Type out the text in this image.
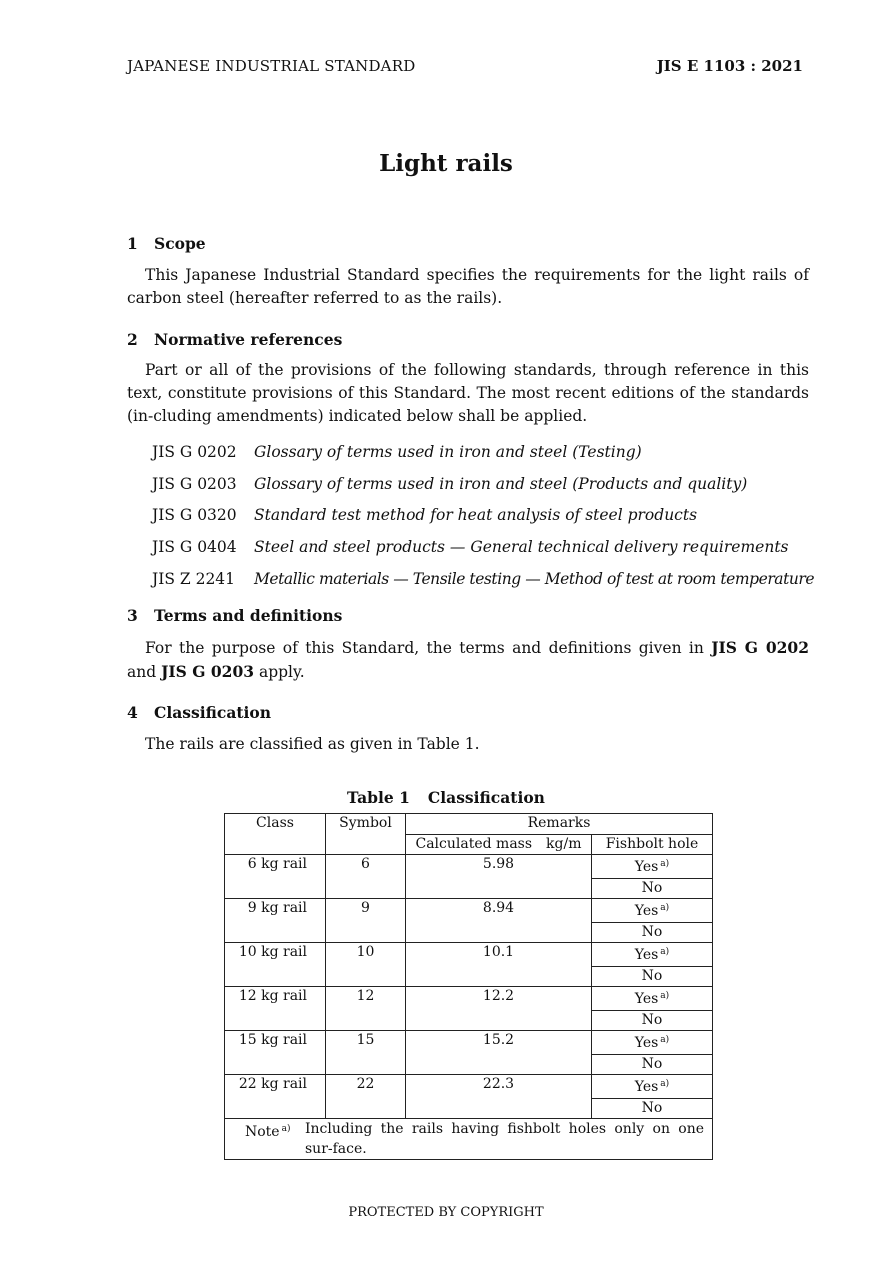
JAPANESE INDUSTRIAL STANDARD	JIS E 1103 : 2021
Light rails
1 Scope
This Japanese Industrial Standard specifies the requirements for the light rails of carbon steel (hereafter referred to as the rails).
2 Normative references
Part or all of the provisions of the following standards, through reference in this text, constitute provisions of this Standard. The most recent editions of the standards (in-cluding amendments) indicated below shall be applied.
JIS G 0202	Glossary of terms used in iron and steel (Testing)
JIS G 0203	Glossary of terms used in iron and steel (Products and quality)
JIS G 0320	Standard test method for heat analysis of steel products
JIS G 0404	Steel and steel products — General technical delivery requirements
JIS Z 2241	Metallic materials — Tensile testing — Method of test at room temperature
3 Terms and definitions
For the purpose of this Standard, the terms and definitions given in JIS G 0202 and JIS G 0203 apply.
4 Classification
The rails are classified as given in Table 1.
Table 1 Classification
Class	Symbol	Remarks	
		Calculated mass kg/m	Fishbolt hole
6 kg rail	6	5.98	Yes $^{a)}$
			No
9 kg rail	9	8.94	Yes $^{a)}$
			No
10 kg rail	10	10.1	Yes $^{a)}$
			No
12 kg rail	12	12.2	Yes $^{a)}$
			No
15 kg rail	15	15.2	Yes $^{a)}$
			No
22 kg rail	22	22.3	Yes $^{a)}$
			No

Note $^{a)}$ Including the rails having fishbolt holes only on one sur-face.			
PROTECTED BY COPYRIGHT
